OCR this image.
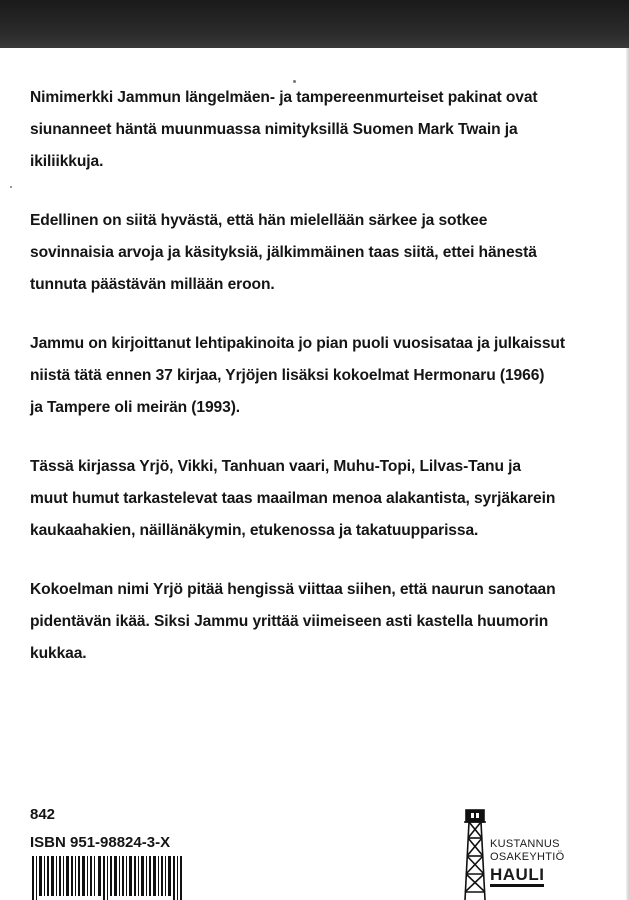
Nimimerkki Jammun längelmäen- ja tampereenmurteiset pakinat ovat
siunanneet häntä muunmuassa nimityksillä Suomen Mark Twain ja
ikiliikkuja.

Edellinen on siitä hyvästä, että hän mielellään särkee ja sotkee
sovinnaisia arvoja ja käsityksiä, jälkimmäinen taas siitä, ettei hänestä
tunnuta päästävän millään eroon.

Jammu on kirjoittanut lehtipakinoita jo pian puoli vuosisataa ja julkaissut
niistä tätä ennen 37 kirjaa, Yrjöjen lisäksi kokoelmat Hermonaru (1966)
ja Tampere oli meirän (1993).

Tässä kirjassa Yrjö, Vikki, Tanhuan vaari, Muhu-Topi, Lilvas-Tanu ja
muut humut tarkastelevat taas maailman menoa alakantista, syrjäkarein
kaukaahakien, näillänäkymin, etukenossa ja takatuupparissa.

Kokoelman nimi Yrjö pitää hengissä viittaa siihen, että naurun sanotaan
pidentävän ikää. Siksi Jammu yrittää viimeiseen asti kastella huumorin
kukkaa.

842
ISBN 951-98824-3-X	KUSTANNUS
OSAKEYHTIÖ
HAULI
